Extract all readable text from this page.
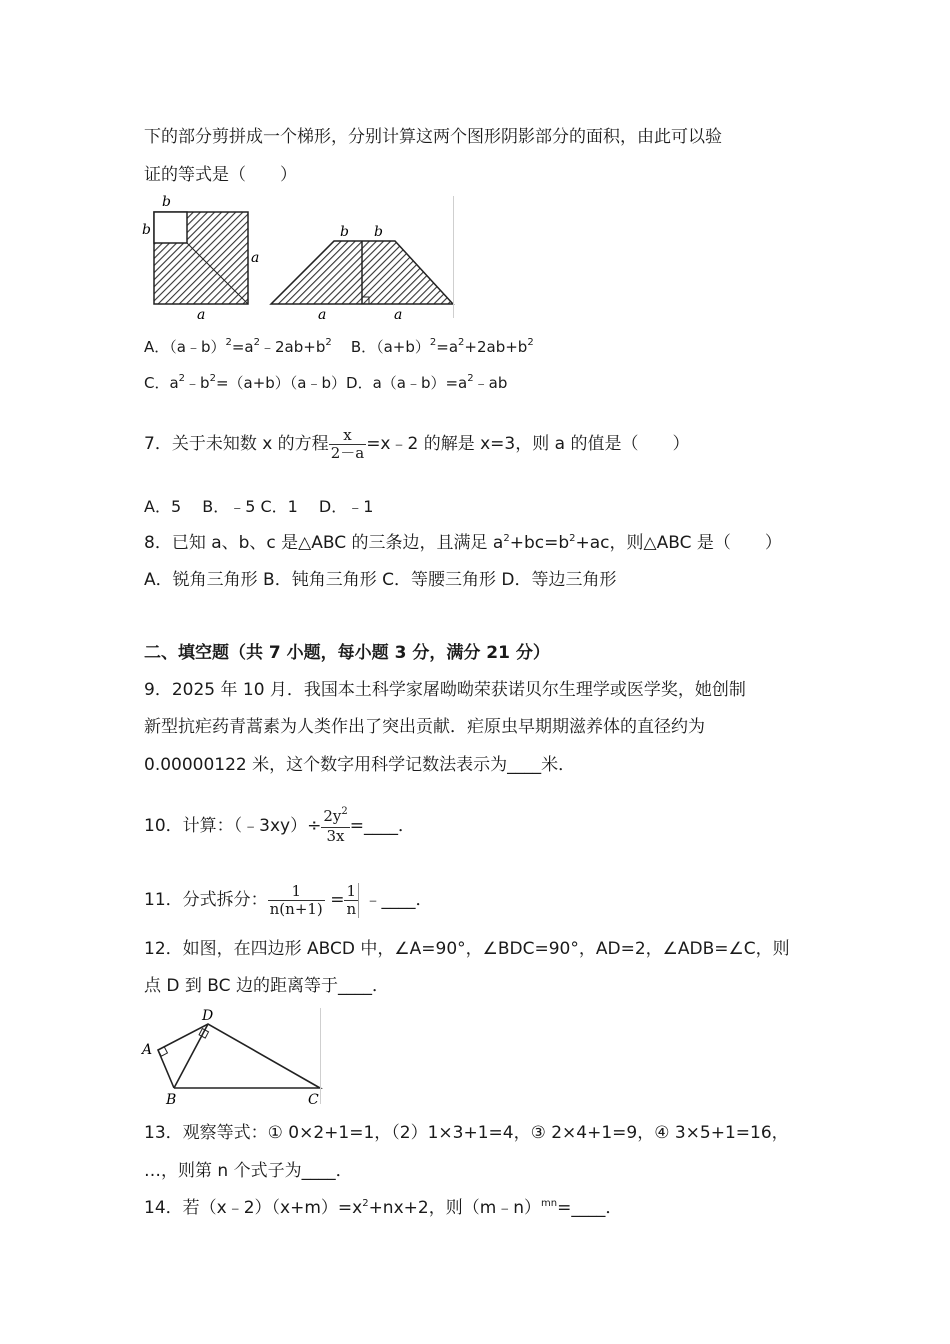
下的部分剪拼成一个梯形，分别计算这两个图形阴影部分的面积，由此可以验
证的等式是（　　）
b
b
a
a
b b
a	a
A．$(a﹣b)^2=a^2﹣2ab+b^2$ B．$(a+b)^2=a^2+2ab+b^2$
C．$a^2﹣b^2=(a+b)(a﹣b)D$．$a(a﹣b)=a^2﹣ab$
7．关于未知数 x 的方程 $\frac{x}{2-a}$ =x﹣2 的解是 x=3，则 a 的值是（　　）
A．5　 B．﹣5 C．1　 D．﹣1
8．已知 a、b、c 是△ABC 的三条边，且满足 $a^2+bc=b^2+ac$，则△ABC 是（　　）
A．锐角三角形 B．钝角三角形 C．等腰三角形 D．等边三角形
二、填空题（共 7 小题，每小题 3 分，满分 21 分）
9．2025 年 10 月．我国本土科学家屠呦呦荣获诺贝尔生理学或医学奖，她创制
新型抗疟药青蒿素为人类作出了突出贡献．疟原虫早期期滋养体的直径约为
0.00000122 米，这个数字用科学记数法表示为____米．
10．计算：（﹣3xy）÷ $\frac{2y^2}{3x}$ =____．
11．分式拆分： $\frac{1}{n(n+1)} = \frac{1}{n}$ ﹣____．
12．如图，在四边形 ABCD 中，∠A=90°，∠BDC=90°，AD=2，∠ADB=∠C，则
点 D 到 BC 边的距离等于____．
A
B	C
D
13．观察等式：① 0×2+1=1，（2）1×3+1=4，③ 2×4+1=9，④ 3×5+1=16，
…，则第 n 个式子为____．
14．若$(x﹣2)(x+m)=x^2+nx+2$，则（m﹣n）$^{mn}$=____．
